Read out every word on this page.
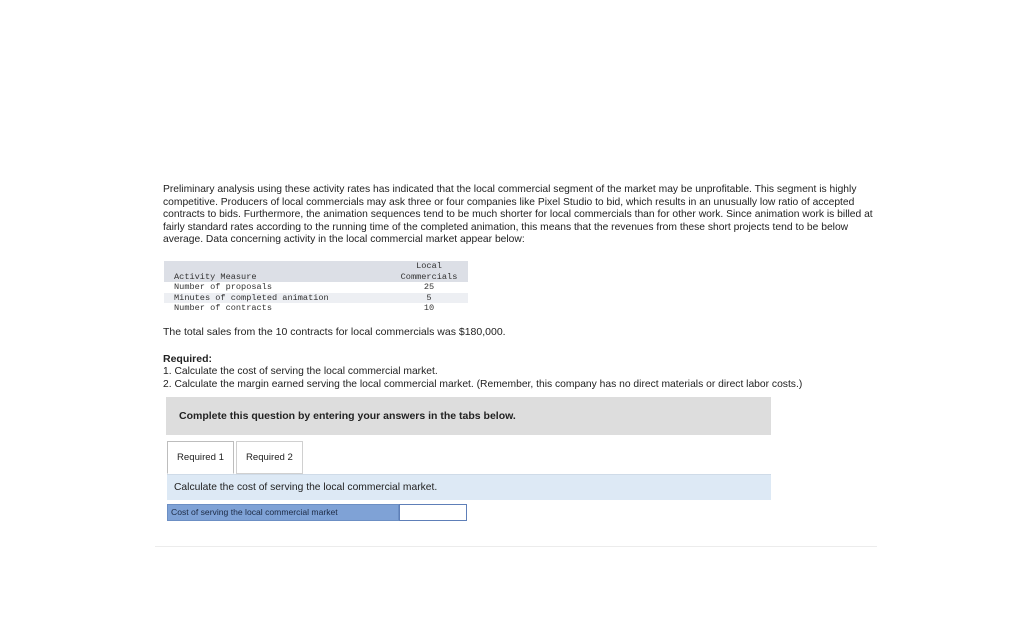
Preliminary analysis using these activity rates has indicated that the local commercial segment of the market may be unprofitable. This segment is highly competitive. Producers of local commercials may ask three or four companies like Pixel Studio to bid, which results in an unusually low ratio of accepted contracts to bids. Furthermore, the animation sequences tend to be much shorter for local commercials than for other work. Since animation work is billed at fairly standard rates according to the running time of the completed animation, this means that the revenues from these short projects tend to be below average. Data concerning activity in the local commercial market appear below:

	Local
Activity Measure	Commercials
Number of proposals	25
Minutes of completed animation	5
Number of contracts	10

The total sales from the 10 contracts for local commercials was $180,000.

Required:

1. Calculate the cost of serving the local commercial market.

2. Calculate the margin earned serving the local commercial market. (Remember, this company has no direct materials or direct labor costs.)

Complete this question by entering your answers in the tabs below.
Required 1	Required 2
Calculate the cost of serving the local commercial market.
Cost of serving the local commercial market
